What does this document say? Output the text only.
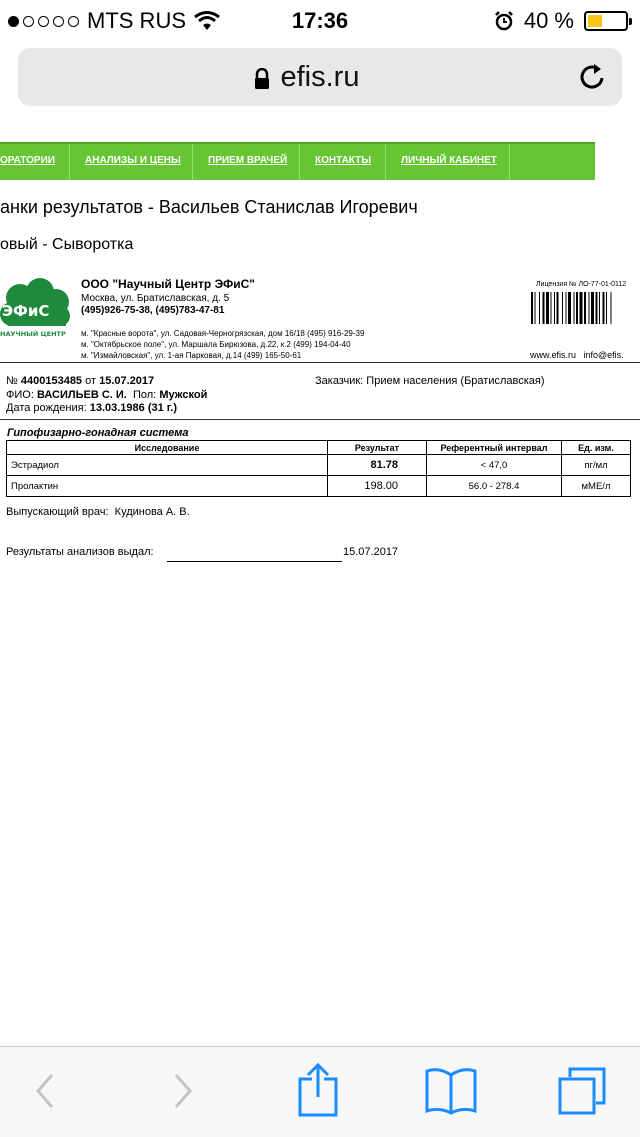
MTS RUS	17:36	40 %
efis.ru
ОРАТОРИИ	АНАЛИЗЫ И ЦЕНЫ	ПРИЕМ ВРАЧЕЙ	КОНТАКТЫ	ЛИЧНЫЙ КАБИНЕТ
анки результатов - Васильев Станислав Игоревич
овый - Сыворотка
ЭФиС
НАУЧНЫЙ ЦЕНТР
ООО "Научный Центр ЭФиС"
Москва, ул. Братиславская, д. 5
(495)926-75-38, (495)783-47-81
м. "Красные ворота", ул. Садовая-Черногрязская, дом 16/18 (495) 916-29-39
м. "Октябрьское поле", ул. Маршала Бирюзова, д.22, к.2 (499) 194-04-40
м. "Измайловская", ул. 1-ая Парковая, д.14 (499) 165-50-61
Лицензия № ЛО-77-01-0112
www.efis.ru info@efis.
№ 4400153485 от 15.07.2017	Заказчик: Прием населения (Братиславская)
ФИО: ВАСИЛЬЕВ С. И. Пол: Мужской
Дата рождения: 13.03.1986 (31 г.)
Гипофизарно-гонадная система
Исследование	Результат	Референтный интервал	Ед. изм.
Эстрадиол	81.78	< 47,0	пг/мл
Пролактин	198.00	56.0 - 278.4	мМЕ/л
Выпускающий врач: Кудинова А. В.
Результаты анализов выдал:	15.07.2017
